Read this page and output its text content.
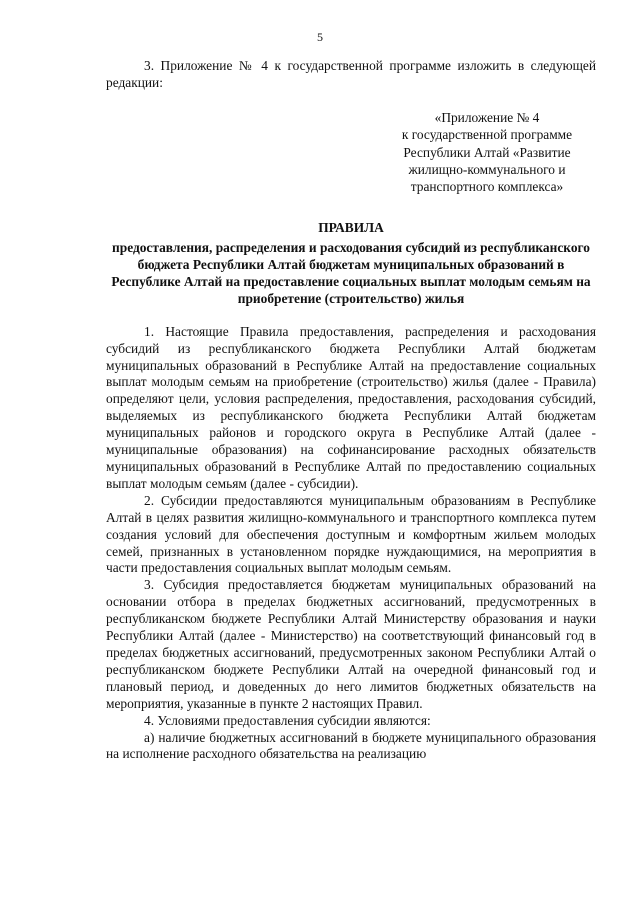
5

3. Приложение № 4 к государственной программе изложить в следующей редакции:

«Приложение № 4
к государственной программе
Республики Алтай «Развитие
жилищно-коммунального и
транспортного комплекса»
ПРАВИЛА
предоставления, распределения и расходования субсидий из республиканского бюджета Республики Алтай бюджетам муниципальных образований в Республике Алтай на предоставление социальных выплат молодым семьям на приобретение (строительство) жилья

1. Настоящие Правила предоставления, распределения и расходования субсидий из республиканского бюджета Республики Алтай бюджетам муниципальных образований в Республике Алтай на предоставление социальных выплат молодым семьям на приобретение (строительство) жилья (далее - Правила) определяют цели, условия распределения, предоставления, расходования субсидий, выделяемых из республиканского бюджета Республики Алтай бюджетам муниципальных районов и городского округа в Республике Алтай (далее - муниципальные образования) на софинансирование расходных обязательств муниципальных образований в Республике Алтай по предоставлению социальных выплат молодым семьям (далее - субсидии).

2. Субсидии предоставляются муниципальным образованиям в Республике Алтай в целях развития жилищно-коммунального и транспортного комплекса путем создания условий для обеспечения доступным и комфортным жильем молодых семей, признанных в установленном порядке нуждающимися, на мероприятия в части предоставления социальных выплат молодым семьям.

3. Субсидия предоставляется бюджетам муниципальных образований на основании отбора в пределах бюджетных ассигнований, предусмотренных в республиканском бюджете Республики Алтай Министерству образования и науки Республики Алтай (далее - Министерство) на соответствующий финансовый год в пределах бюджетных ассигнований, предусмотренных законом Республики Алтай о республиканском бюджете Республики Алтай на очередной финансовый год и плановый период, и доведенных до него лимитов бюджетных обязательств на мероприятия, указанные в пункте 2 настоящих Правил.

4. Условиями предоставления субсидии являются:

а) наличие бюджетных ассигнований в бюджете муниципального образования на исполнение расходного обязательства на реализацию
